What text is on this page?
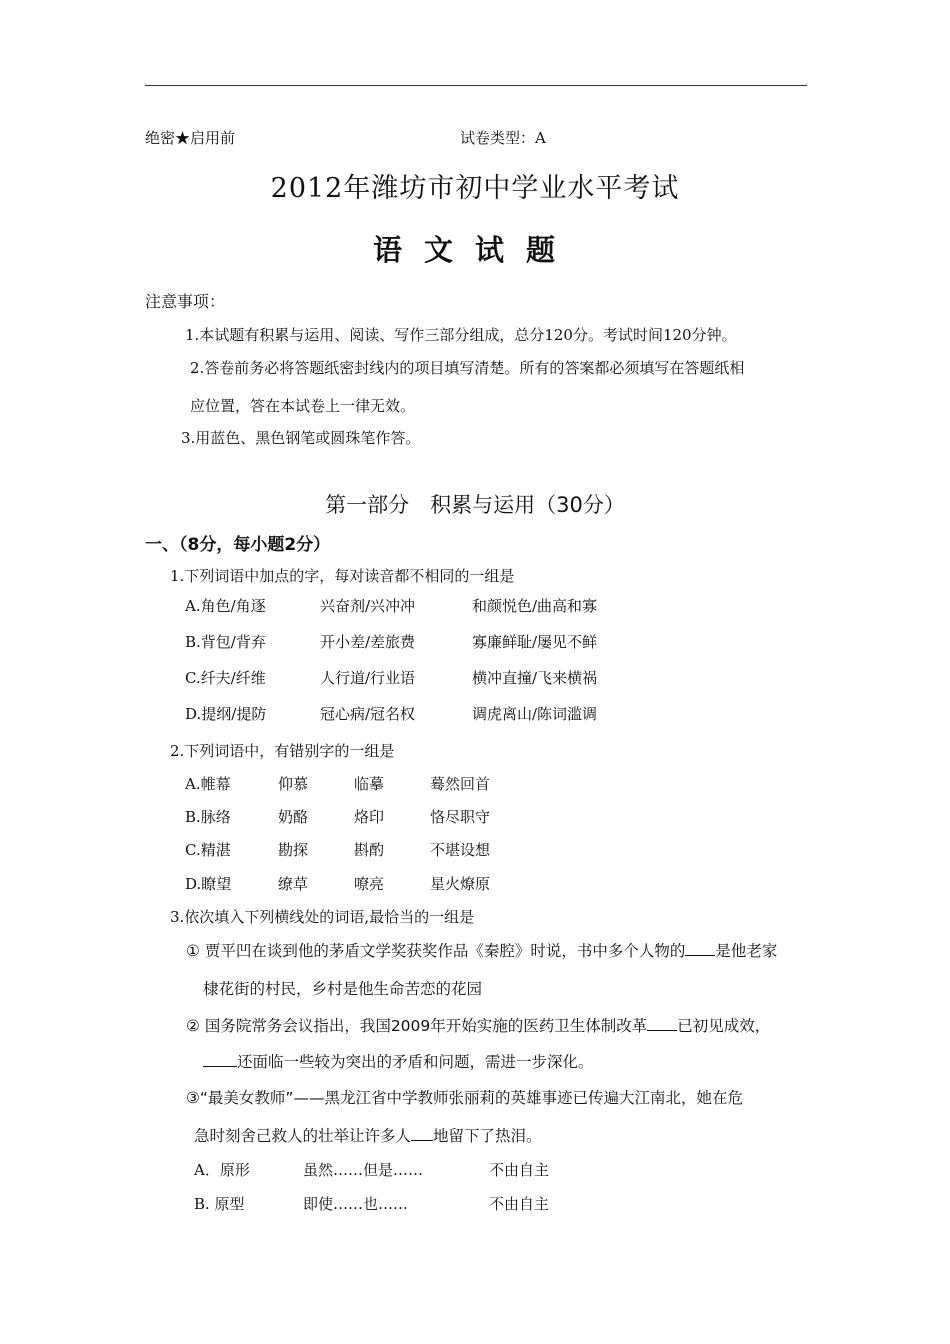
绝密★启用前	试卷类型：A
2012年潍坊市初中学业水平考试
语文试题
注意事项：
1.本试题有积累与运用、阅读、写作三部分组成，总分120分。考试时间120分钟。
2.答卷前务必将答题纸密封线内的项目填写清楚。所有的答案都必须填写在答题纸相
应位置，答在本试卷上一律无效。
3.用蓝色、黑色钢笔或圆珠笔作答。
第一部分　积累与运用（30分）
一、（8分，每小题2分）
1.下列词语中加点的字，每对读音都不相同的一组是
A.角色/角逐	兴奋剂/兴冲冲	和颜悦色/曲高和寡
B.背包/背弃	开小差/差旅费	寡廉鲜耻/屡见不鲜
C.纤夫/纤维	人行道/行业语	横冲直撞/飞来横祸
D.提纲/提防	冠心病/冠名权	调虎离山/陈词滥调
2.下列词语中，有错别字的一组是
A.帷幕	仰慕	临摹	蓦然回首
B.脉络	奶酪	烙印	恪尽职守
C.精湛	勘探	斟酌	不堪设想
D.瞭望	缭草	嘹亮	星火燎原
3.依次填入下列横线处的词语,最恰当的一组是
① 贾平凹在谈到他的茅盾文学奖获奖作品《秦腔》时说，书中多个人物的 是他老家
棣花街的村民，乡村是他生命苦恋的花园
② 国务院常务会议指出，我国2009年开始实施的医药卫生体制改革 已初见成效，
还面临一些较为突出的矛盾和问题，需进一步深化。
③“最美女教师”——黑龙江省中学教师张丽莉的英雄事迹已传遍大江南北，她在危
急时刻舍己救人的壮举让许多人 地留下了热泪。
A．原形	虽然……但是……	不由自主
B. 原型	即使……也……	不由自主
